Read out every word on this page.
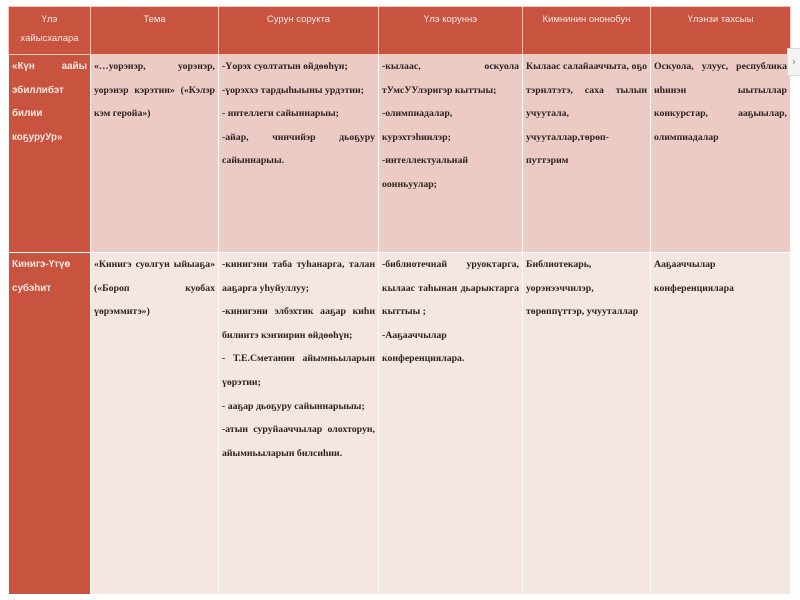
Үлэ хайысхалара	Тема	Сурун сорукта	Үлэ коруннэ	Кимнинин ононобун	Үлэнзи тахсыы
«Күн аайы эбиллибэт билии коҕуруУр»	«…уорэнэр, уорэнэр, уорэнэр кэрэтин» («Кэлэр кэм геройа»)	-Үорэх суолтатын өйдөөһүн;
-үорэххэ тардыһыыны урдэтии;
- интеллеги сайыннарыы;
-айар, чинчийэр дьоҕуру сайыннарыы.	-кылаас, оскуола тУмсУУлэригэр кыттыы;
-олимпиадалар, курэхтэһиилэр;
-интеллектуальнай оонньуулар;	Кылаас салайааччыта, оҕо тэрилтэтэ, саха тылын учуутала, учууталлар,төрөп-путтэрим	Оскуола, улуус, республика иһинэн ыытыллар конкурстар, ааҕыылар, олимпиадалар
Кинигэ-Үтүө субэhит	«Кинигэ суолгун ыйыаҕа» («Бороп куобах үөрэммитэ»)	-кинигэни таба туһанарга, талан ааҕарга уһуйуллуу;
-кинигэни элбэхтик ааҕар киһи билиитэ кэҥиирин өйдөөһүн;
- Т.Е.Сметанин айымньыларын үөрэтии;
- ааҕар дьоҕуру сайыннарыыы;
-атын суруйааччылар олохторун, айымньыларын билсиһии.	-библиотечнай уруоктарга, кылаас таһынан дьарыктарга кыттыы ;
-Ааҕааччылар конференциялара.	Библиотекарь, уорэнээччилэр, төрөппүттэр, учууталлар	Ааҕааччылар конференциялара
›
